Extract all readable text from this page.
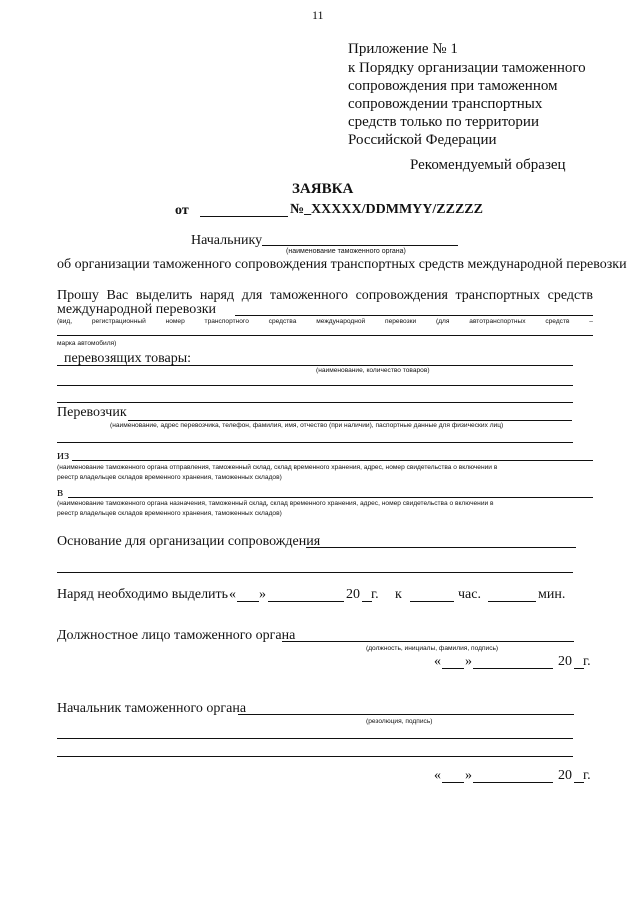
11
Приложение № 1
к Порядку организации таможенного
сопровождения при таможенном
сопровождении транспортных
средств только по территории
Российской Федерации
Рекомендуемый образец
ЗАЯВКА
от	№_XXXXX/DDMMYY/ZZZZZ
Начальнику
(наименование таможенного органа)
об организации таможенного сопровождения транспортных средств международной перевозки
Прошу Вас выделить наряд для таможенного сопровождения транспортных средств
международной перевозки
(вид,	регистрационный	номер	транспортного	средства	международной	перевозки	(для	автотранспортных	средств	–
марка автомобиля)
перевозящих товары:
(наименование, количество товаров)
Перевозчик
(наименование, адрес перевозчика, телефон, фамилия, имя, отчество (при наличии), паспортные данные для физических лиц)
из
(наименование таможенного органа отправления, таможенный склад, склад временного хранения, адрес, номер свидетельства о включении в
реестр владельцев складов временного хранения, таможенных складов)
в
(наименование таможенного органа назначения, таможенный склад, склад временного хранения, адрес, номер свидетельства о включении в
реестр владельцев складов временного хранения, таможенных складов)
Основание для организации сопровождения
Наряд необходимо выделить « »	20 г. к	час.	мин.
Должностное лицо таможенного органа
(должность, инициалы, фамилия, подпись)
« »	20 г.
Начальник таможенного органа
(резолюция, подпись)
« »	20 г.
